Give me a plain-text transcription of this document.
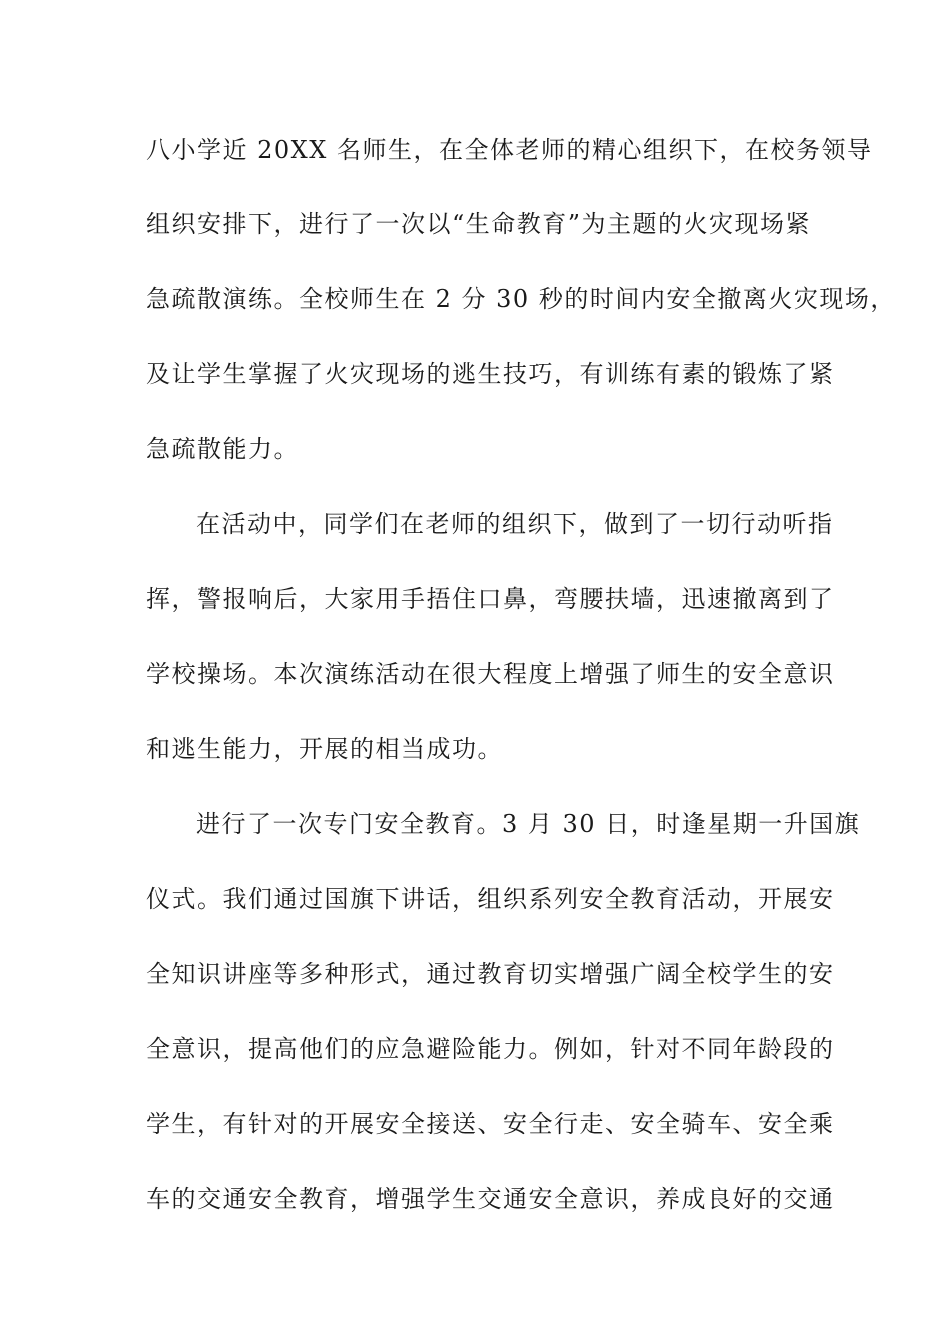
八小学近 20XX 名师生，在全体老师的精心组织下，在校务领导
组织安排下，进行了一次以“生命教育”为主题的火灾现场紧
急疏散演练。全校师生在 2 分 30 秒的时间内安全撤离火灾现场，
及让学生掌握了火灾现场的逃生技巧，有训练有素的锻炼了紧
急疏散能力。
在活动中，同学们在老师的组织下，做到了一切行动听指
挥，警报响后，大家用手捂住口鼻，弯腰扶墙，迅速撤离到了
学校操场。本次演练活动在很大程度上增强了师生的安全意识
和逃生能力，开展的相当成功。
进行了一次专门安全教育。3 月 30 日，时逢星期一升国旗
仪式。我们通过国旗下讲话，组织系列安全教育活动，开展安
全知识讲座等多种形式，通过教育切实增强广阔全校学生的安
全意识，提高他们的应急避险能力。例如，针对不同年龄段的
学生，有针对的开展安全接送、安全行走、安全骑车、安全乘
车的交通安全教育，增强学生交通安全意识，养成良好的交通
